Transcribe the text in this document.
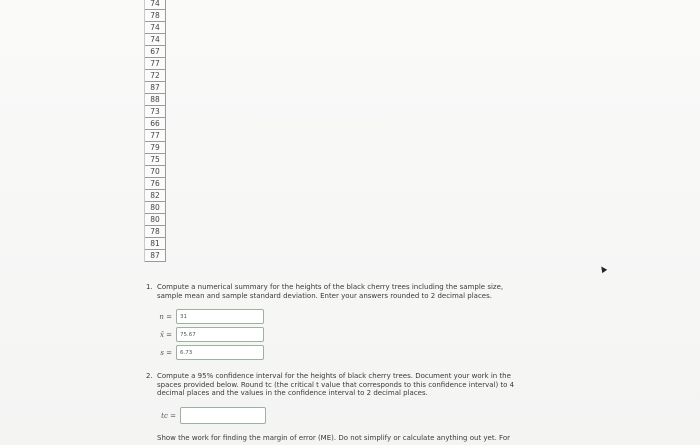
	74
	78
	74
	74
	67
	77
	72
	87
	88
	73
	66
	77
	79
	75
	70
	76
	82
	80
	80
	78
	81
	87
1. Compute a numerical summary for the heights of the black cherry trees including the sample size, sample mean and sample standard deviation. Enter your answers rounded to 2 decimal places.
n =	31
x̄ =	75.67
s =	6.73
2. Compute a 95% confidence interval for the heights of black cherry trees. Document your work in the spaces provided below. Round tc (the critical t value that corresponds to this confidence interval) to 4 decimal places and the values in the confidence interval to 2 decimal places.
tc =
Show the work for finding the margin of error (ME). Do not simplify or calculate anything out yet. For
